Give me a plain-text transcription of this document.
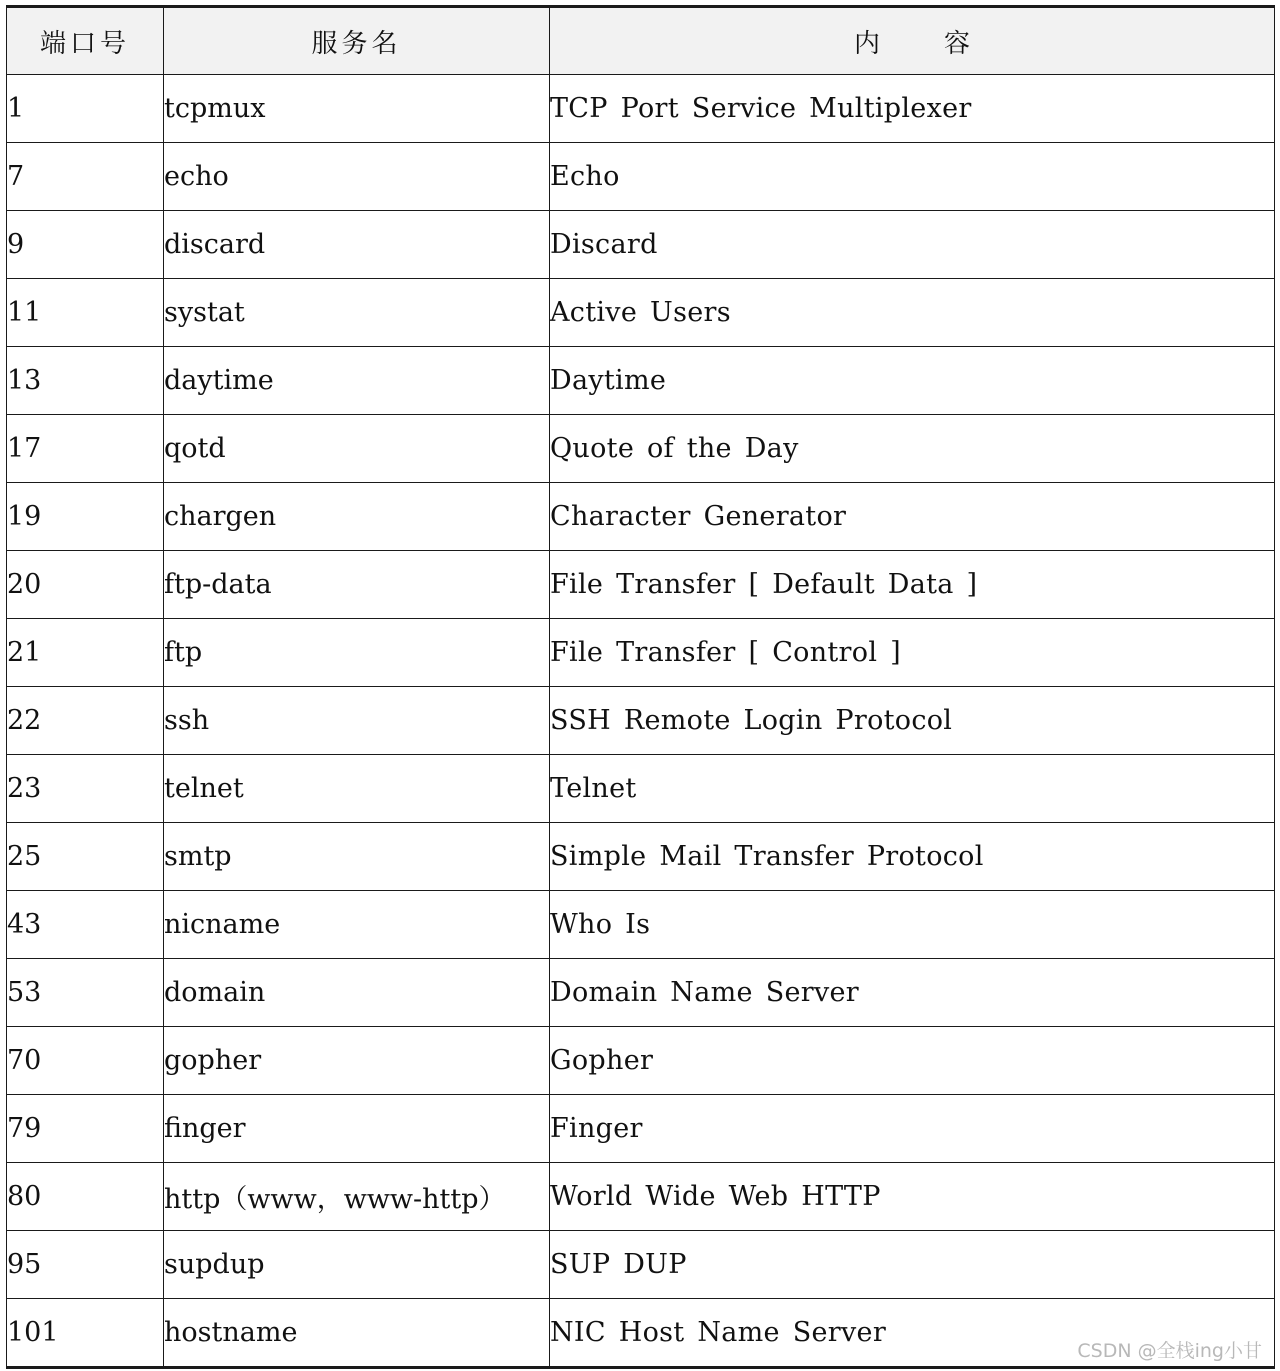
端口号	服务名	内 容
1	tcpmux	TCP Port Service Multiplexer
7	echo	Echo
9	discard	Discard
11	systat	Active Users
13	daytime	Daytime
17	qotd	Quote of the Day
19	chargen	Character Generator
20	ftp-data	File Transfer [ Default Data ]
21	ftp	File Transfer [ Control ]
22	ssh	SSH Remote Login Protocol
23	telnet	Telnet
25	smtp	Simple Mail Transfer Protocol
43	nicname	Who Is
53	domain	Domain Name Server
70	gopher	Gopher
79	finger	Finger
80	http（www，www-http）	World Wide Web HTTP
95	supdup	SUP DUP
101	hostname	NIC Host Name Server
CSDN @全栈ing小甘
